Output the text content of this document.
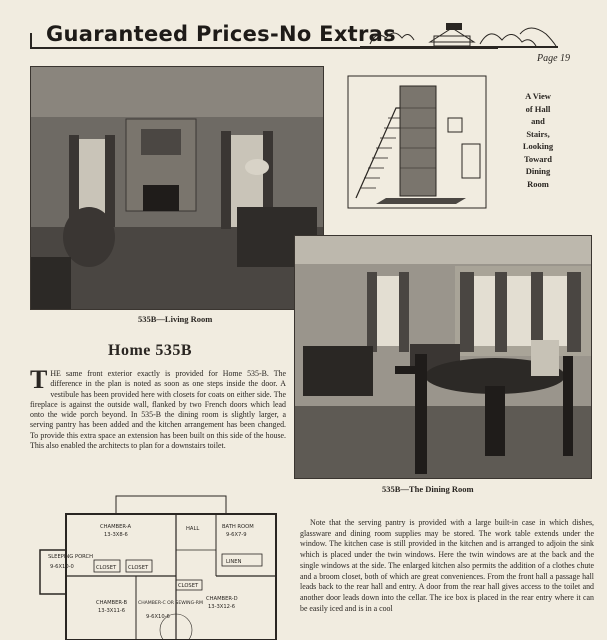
Guaranteed Prices-No Extras
Page 19
535B—Living Room
A View
of Hall
and
Stairs,
Looking
Toward
Dining
Room
535B—The Dining Room
Home 535B
THE same front exterior exactly is provided for Home 535-B. The difference in the plan is noted as soon as one steps inside the door. A vestibule has been provided here with closets for coats on either side. The fireplace is against the outside wall, flanked by two French doors which lead onto the wide porch beyond. In 535-B the dining room is slightly larger, a serving pantry has been added and the kitchen arrangement has been changed. To provide this extra space an extension has been built on this side of the house. This also enabled the architects to plan for a downstairs toilet.
Note that the serving pantry is provided with a large built-in case in which dishes, glassware and dining room supplies may be stored. The work table extends under the window. The kitchen case is still provided in the kitchen and is arranged to adjoin the sink which is placed under the twin windows. Here the twin windows are at the back and the single windows at the side. The enlarged kitchen also permits the addition of a clothes chute and a broom closet, both of which are great conveniences. From the front hall a passage hall leads back to the rear hall and entry. A door from the rear hall gives access to the toilet and another door leads down into the cellar. The ice box is placed in the rear entry where it can be easily iced and is in a cool
SLEEPING PORCH
9-6X10-0
CHAMBER-A
13-3X8-6
HALL	BATH ROOM
9-6X7-9
CHAMBER-B
13-3X11-6
CHAMBER-C OR SEWING-RM
9-6X10-6
CHAMBER-D
13-3X12-6
CLOSET CLOSET
CLOSET
LINEN
